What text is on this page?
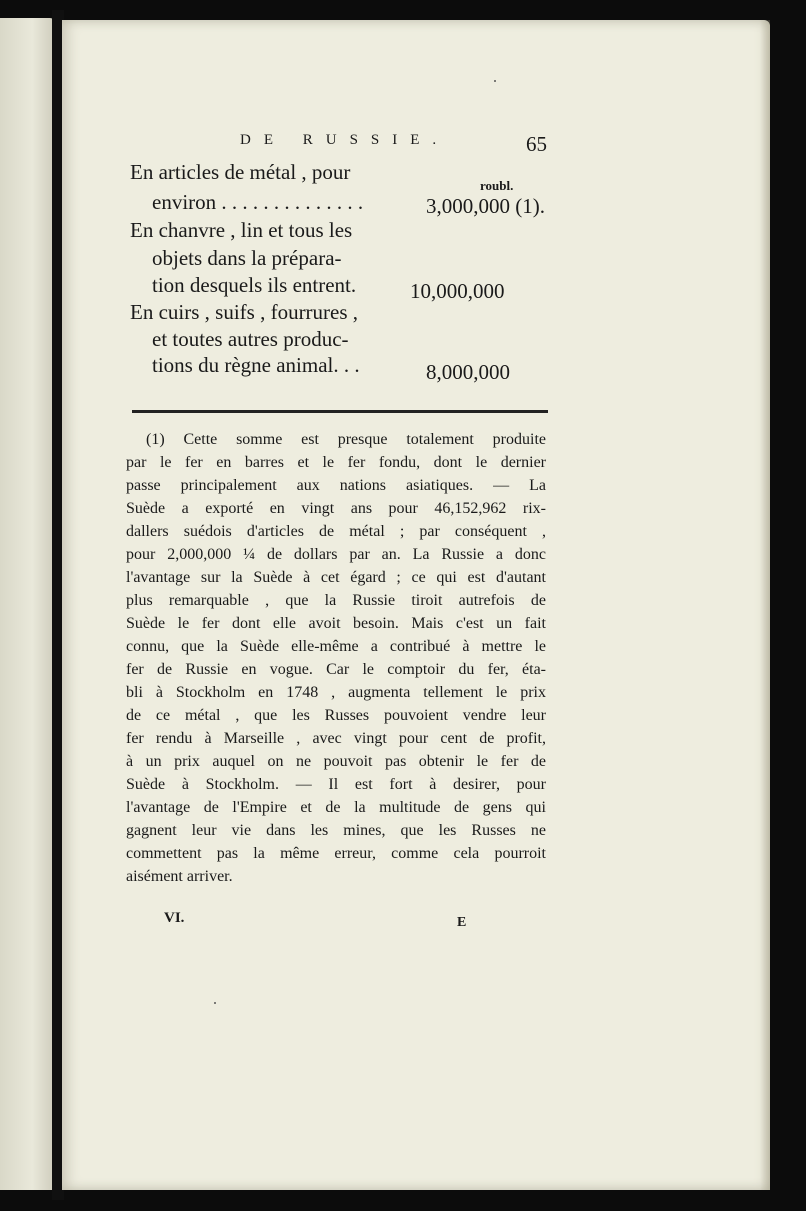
DE RUSSIE.	65
roubl.
En articles de métal , pour
environ . . . . . . . . . . . . . .	3,000,000 (1).
En chanvre , lin et tous les
objets dans la prépara-
tion desquels ils entrent.	10,000,000
En cuirs , suifs , fourrures ,
et toutes autres produc-
tions du règne animal. . .	8,000,000
(1) Cette somme est presque totalement produite
par le fer en barres et le fer fondu, dont le dernier
passe principalement aux nations asiatiques. — La
Suède a exporté en vingt ans pour 46,152,962 rix-
dallers suédois d'articles de métal ; par conséquent ,
pour 2,000,000 ¼ de dollars par an. La Russie a donc
l'avantage sur la Suède à cet égard ; ce qui est d'autant
plus remarquable , que la Russie tiroit autrefois de
Suède le fer dont elle avoit besoin. Mais c'est un fait
connu, que la Suède elle-même a contribué à mettre le
fer de Russie en vogue. Car le comptoir du fer, éta-
bli à Stockholm en 1748 , augmenta tellement le prix
de ce métal , que les Russes pouvoient vendre leur
fer rendu à Marseille , avec vingt pour cent de profit,
à un prix auquel on ne pouvoit pas obtenir le fer de
Suède à Stockholm. — Il est fort à desirer, pour
l'avantage de l'Empire et de la multitude de gens qui
gagnent leur vie dans les mines, que les Russes ne
commettent pas la même erreur, comme cela pourroit
aisément arriver.
VI.	E
